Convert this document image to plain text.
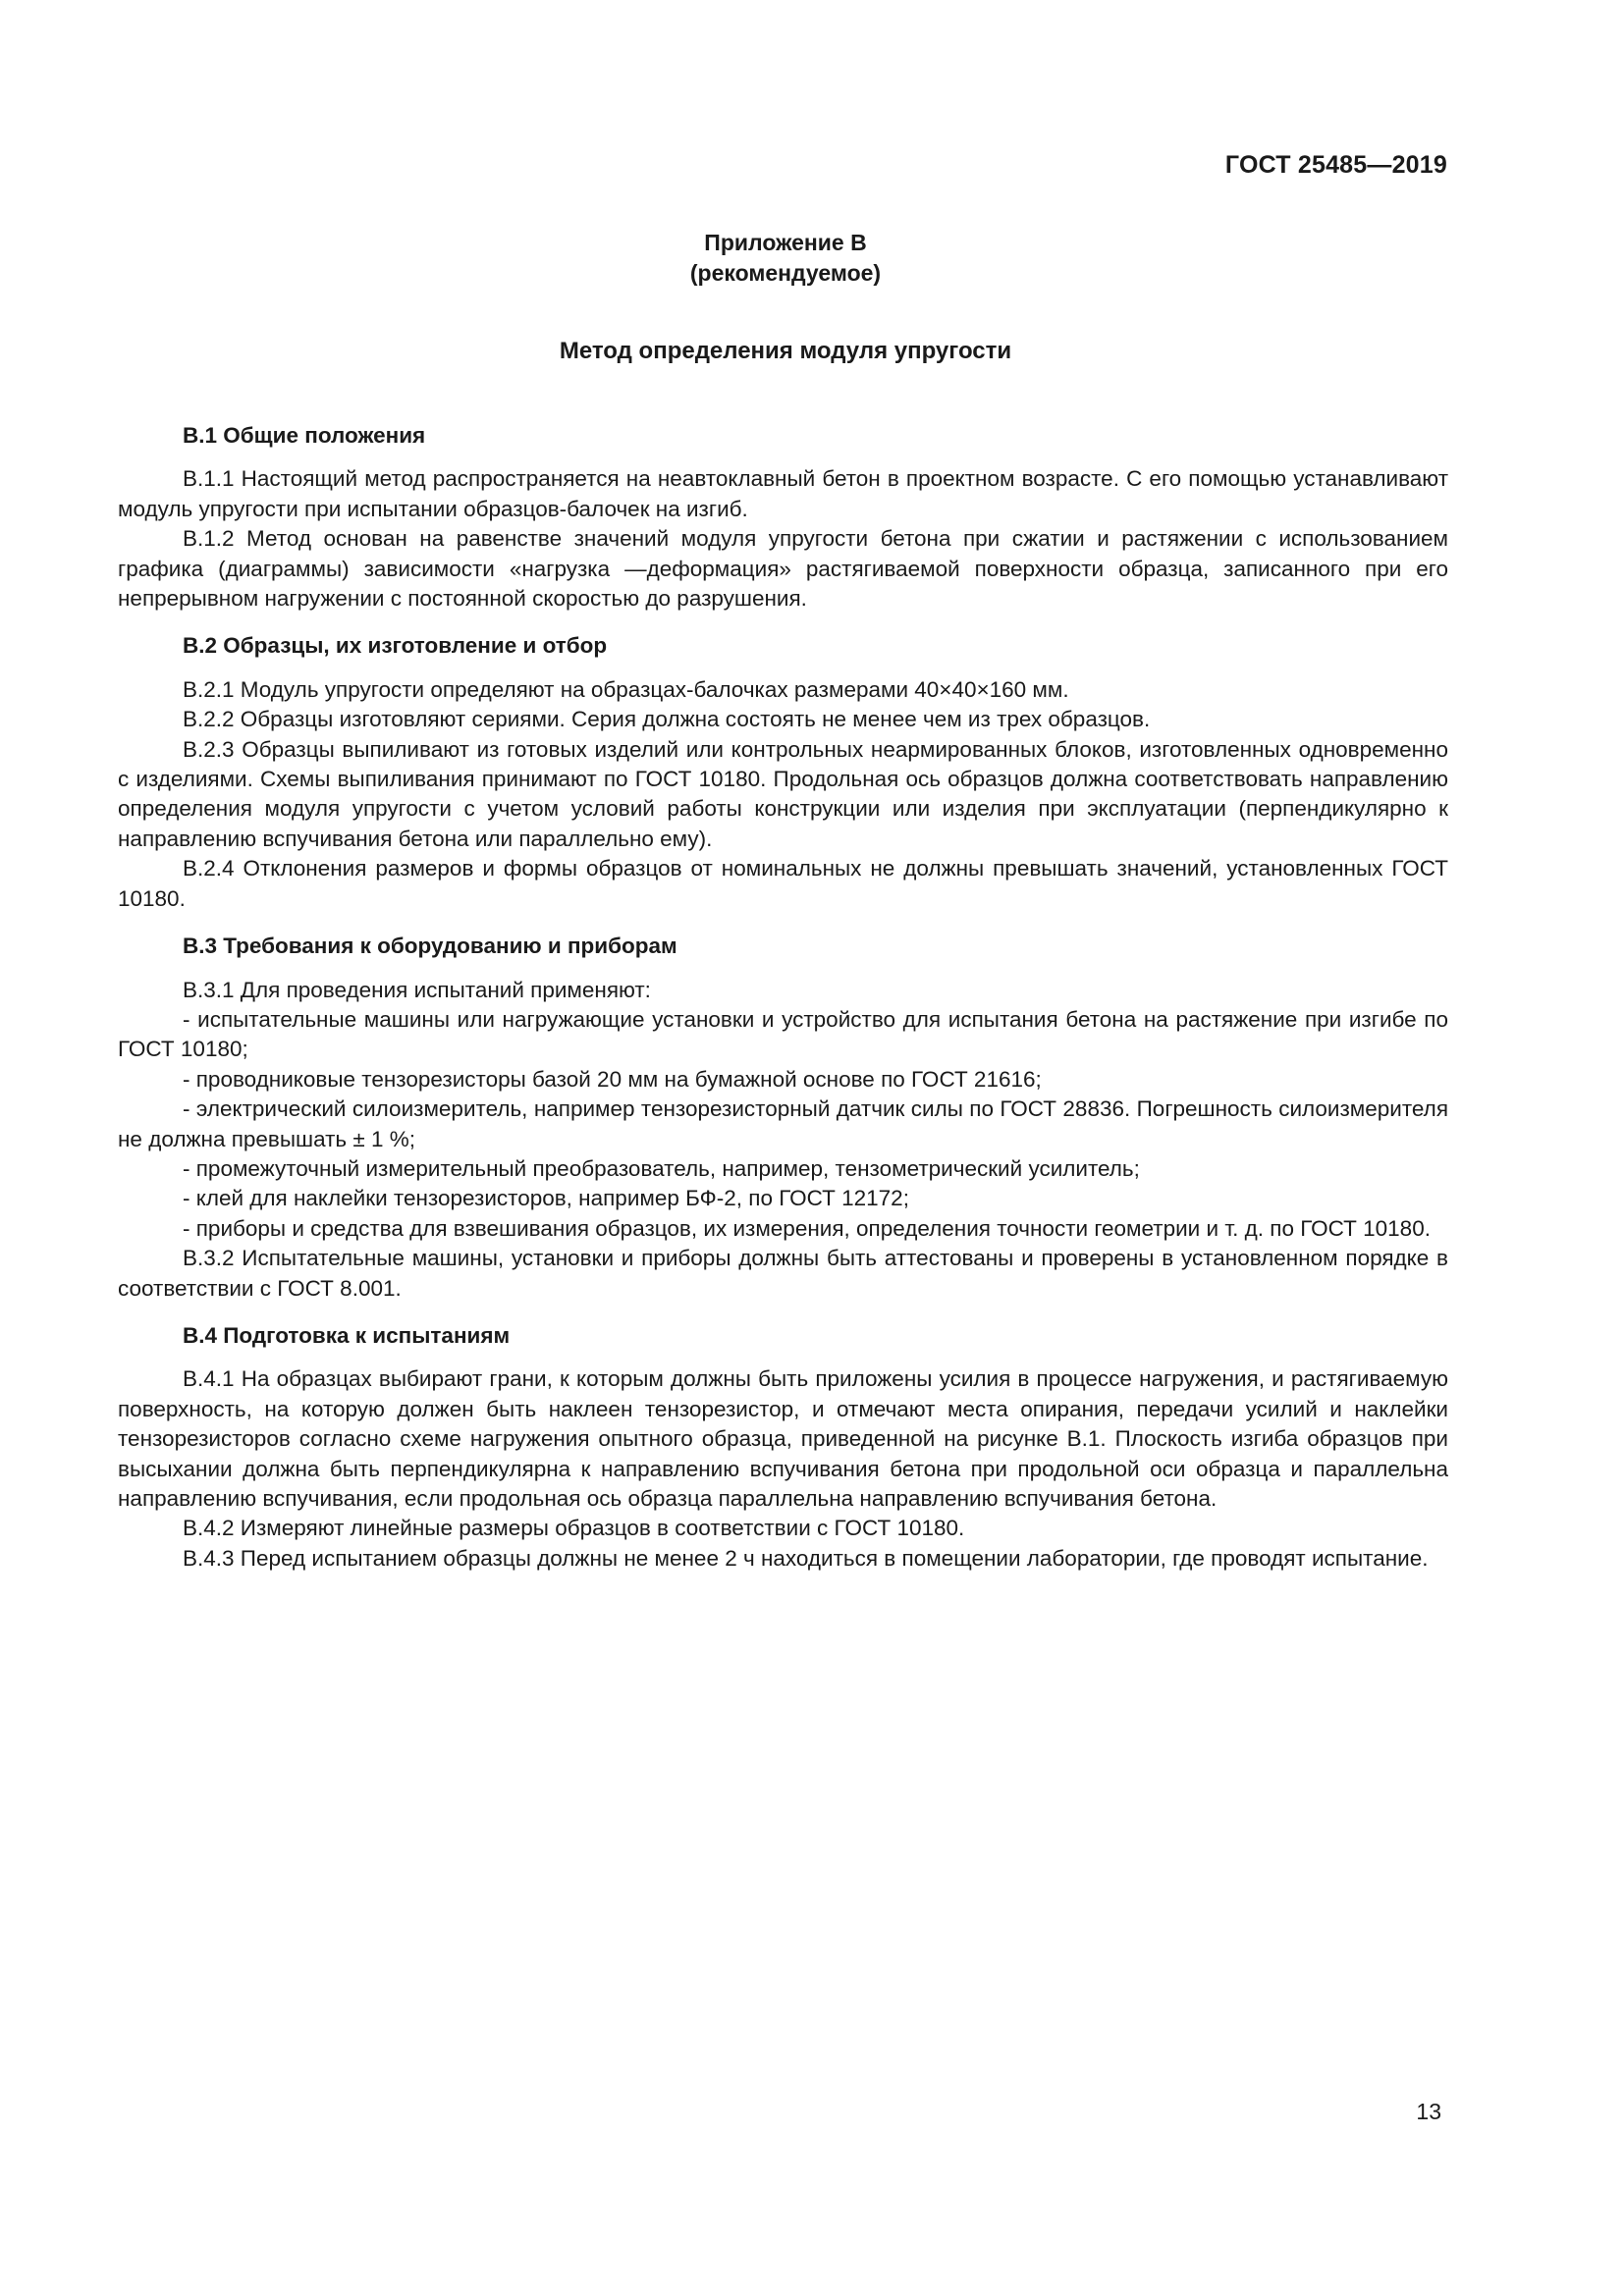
ГОСТ 25485—2019
Приложение В
(рекомендуемое)
Метод определения модуля упругости

В.1 Общие положения

В.1.1 Настоящий метод распространяется на неавтоклавный бетон в проектном возрасте. С его помощью устанавливают модуль упругости при испытании образцов-балочек на изгиб.

В.1.2 Метод основан на равенстве значений модуля упругости бетона при сжатии и растяжении с использованием графика (диаграммы) зависимости «нагрузка —деформация» растягиваемой поверхности образца, записанного при его непрерывном нагружении с постоянной скоростью до разрушения.

В.2 Образцы, их изготовление и отбор

В.2.1 Модуль упругости определяют на образцах-балочках размерами 40×40×160 мм.

В.2.2 Образцы изготовляют сериями. Серия должна состоять не менее чем из трех образцов.

В.2.3 Образцы выпиливают из готовых изделий или контрольных неармированных блоков, изготовленных одновременно с изделиями. Схемы выпиливания принимают по ГОСТ 10180. Продольная ось образцов должна соответствовать направлению определения модуля упругости с учетом условий работы конструкции или изделия при эксплуатации (перпендикулярно к направлению вспучивания бетона или параллельно ему).

В.2.4 Отклонения размеров и формы образцов от номинальных не должны превышать значений, установленных ГОСТ 10180.

В.3 Требования к оборудованию и приборам

В.3.1 Для проведения испытаний применяют:

- испытательные машины или нагружающие установки и устройство для испытания бетона на растяжение при изгибе по ГОСТ 10180;

- проводниковые тензорезисторы базой 20 мм на бумажной основе по ГОСТ 21616;

- электрический силоизмеритель, например тензорезисторный датчик силы по ГОСТ 28836. Погрешность силоизмерителя не должна превышать ± 1 %;

- промежуточный измерительный преобразователь, например, тензометрический усилитель;

- клей для наклейки тензорезисторов, например БФ-2, по ГОСТ 12172;

- приборы и средства для взвешивания образцов, их измерения, определения точности геометрии и т. д. по ГОСТ 10180.

В.3.2 Испытательные машины, установки и приборы должны быть аттестованы и проверены в установленном порядке в соответствии с ГОСТ 8.001.

В.4 Подготовка к испытаниям

В.4.1 На образцах выбирают грани, к которым должны быть приложены усилия в процессе нагружения, и растягиваемую поверхность, на которую должен быть наклеен тензорезистор, и отмечают места опирания, передачи усилий и наклейки тензорезисторов согласно схеме нагружения опытного образца, приведенной на рисунке В.1. Плоскость изгиба образцов при высыхании должна быть перпендикулярна к направлению вспучивания бетона при продольной оси образца и параллельна направлению вспучивания, если продольная ось образца параллельна направлению вспучивания бетона.

В.4.2 Измеряют линейные размеры образцов в соответствии с ГОСТ 10180.

В.4.3 Перед испытанием образцы должны не менее 2 ч находиться в помещении лаборатории, где проводят испытание.

13
